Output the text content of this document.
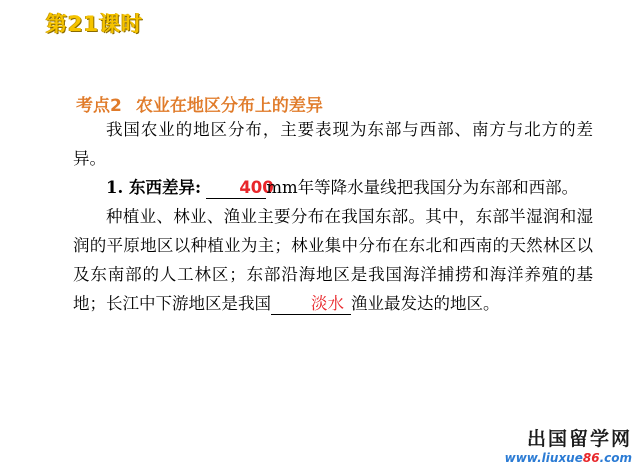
第21课时
考点2 农业在地区分布上的差异

我国农业的地区分布，主要表现为东部与西部、南方与北方的差异。

1. 东西差异: 400mm年等降水量线把我国分为东部和西部。

种植业、林业、渔业主要分布在我国东部。其中，东部半湿润和湿润的平原地区以种植业为主；林业集中分布在东北和西南的天然林区以及东南部的人工林区；东部沿海地区是我国海洋捕捞和海洋养殖的基地；长江中下游地区是我国 淡水 渔业最发达的地区。

出国留学网
www.liuxue86.com
